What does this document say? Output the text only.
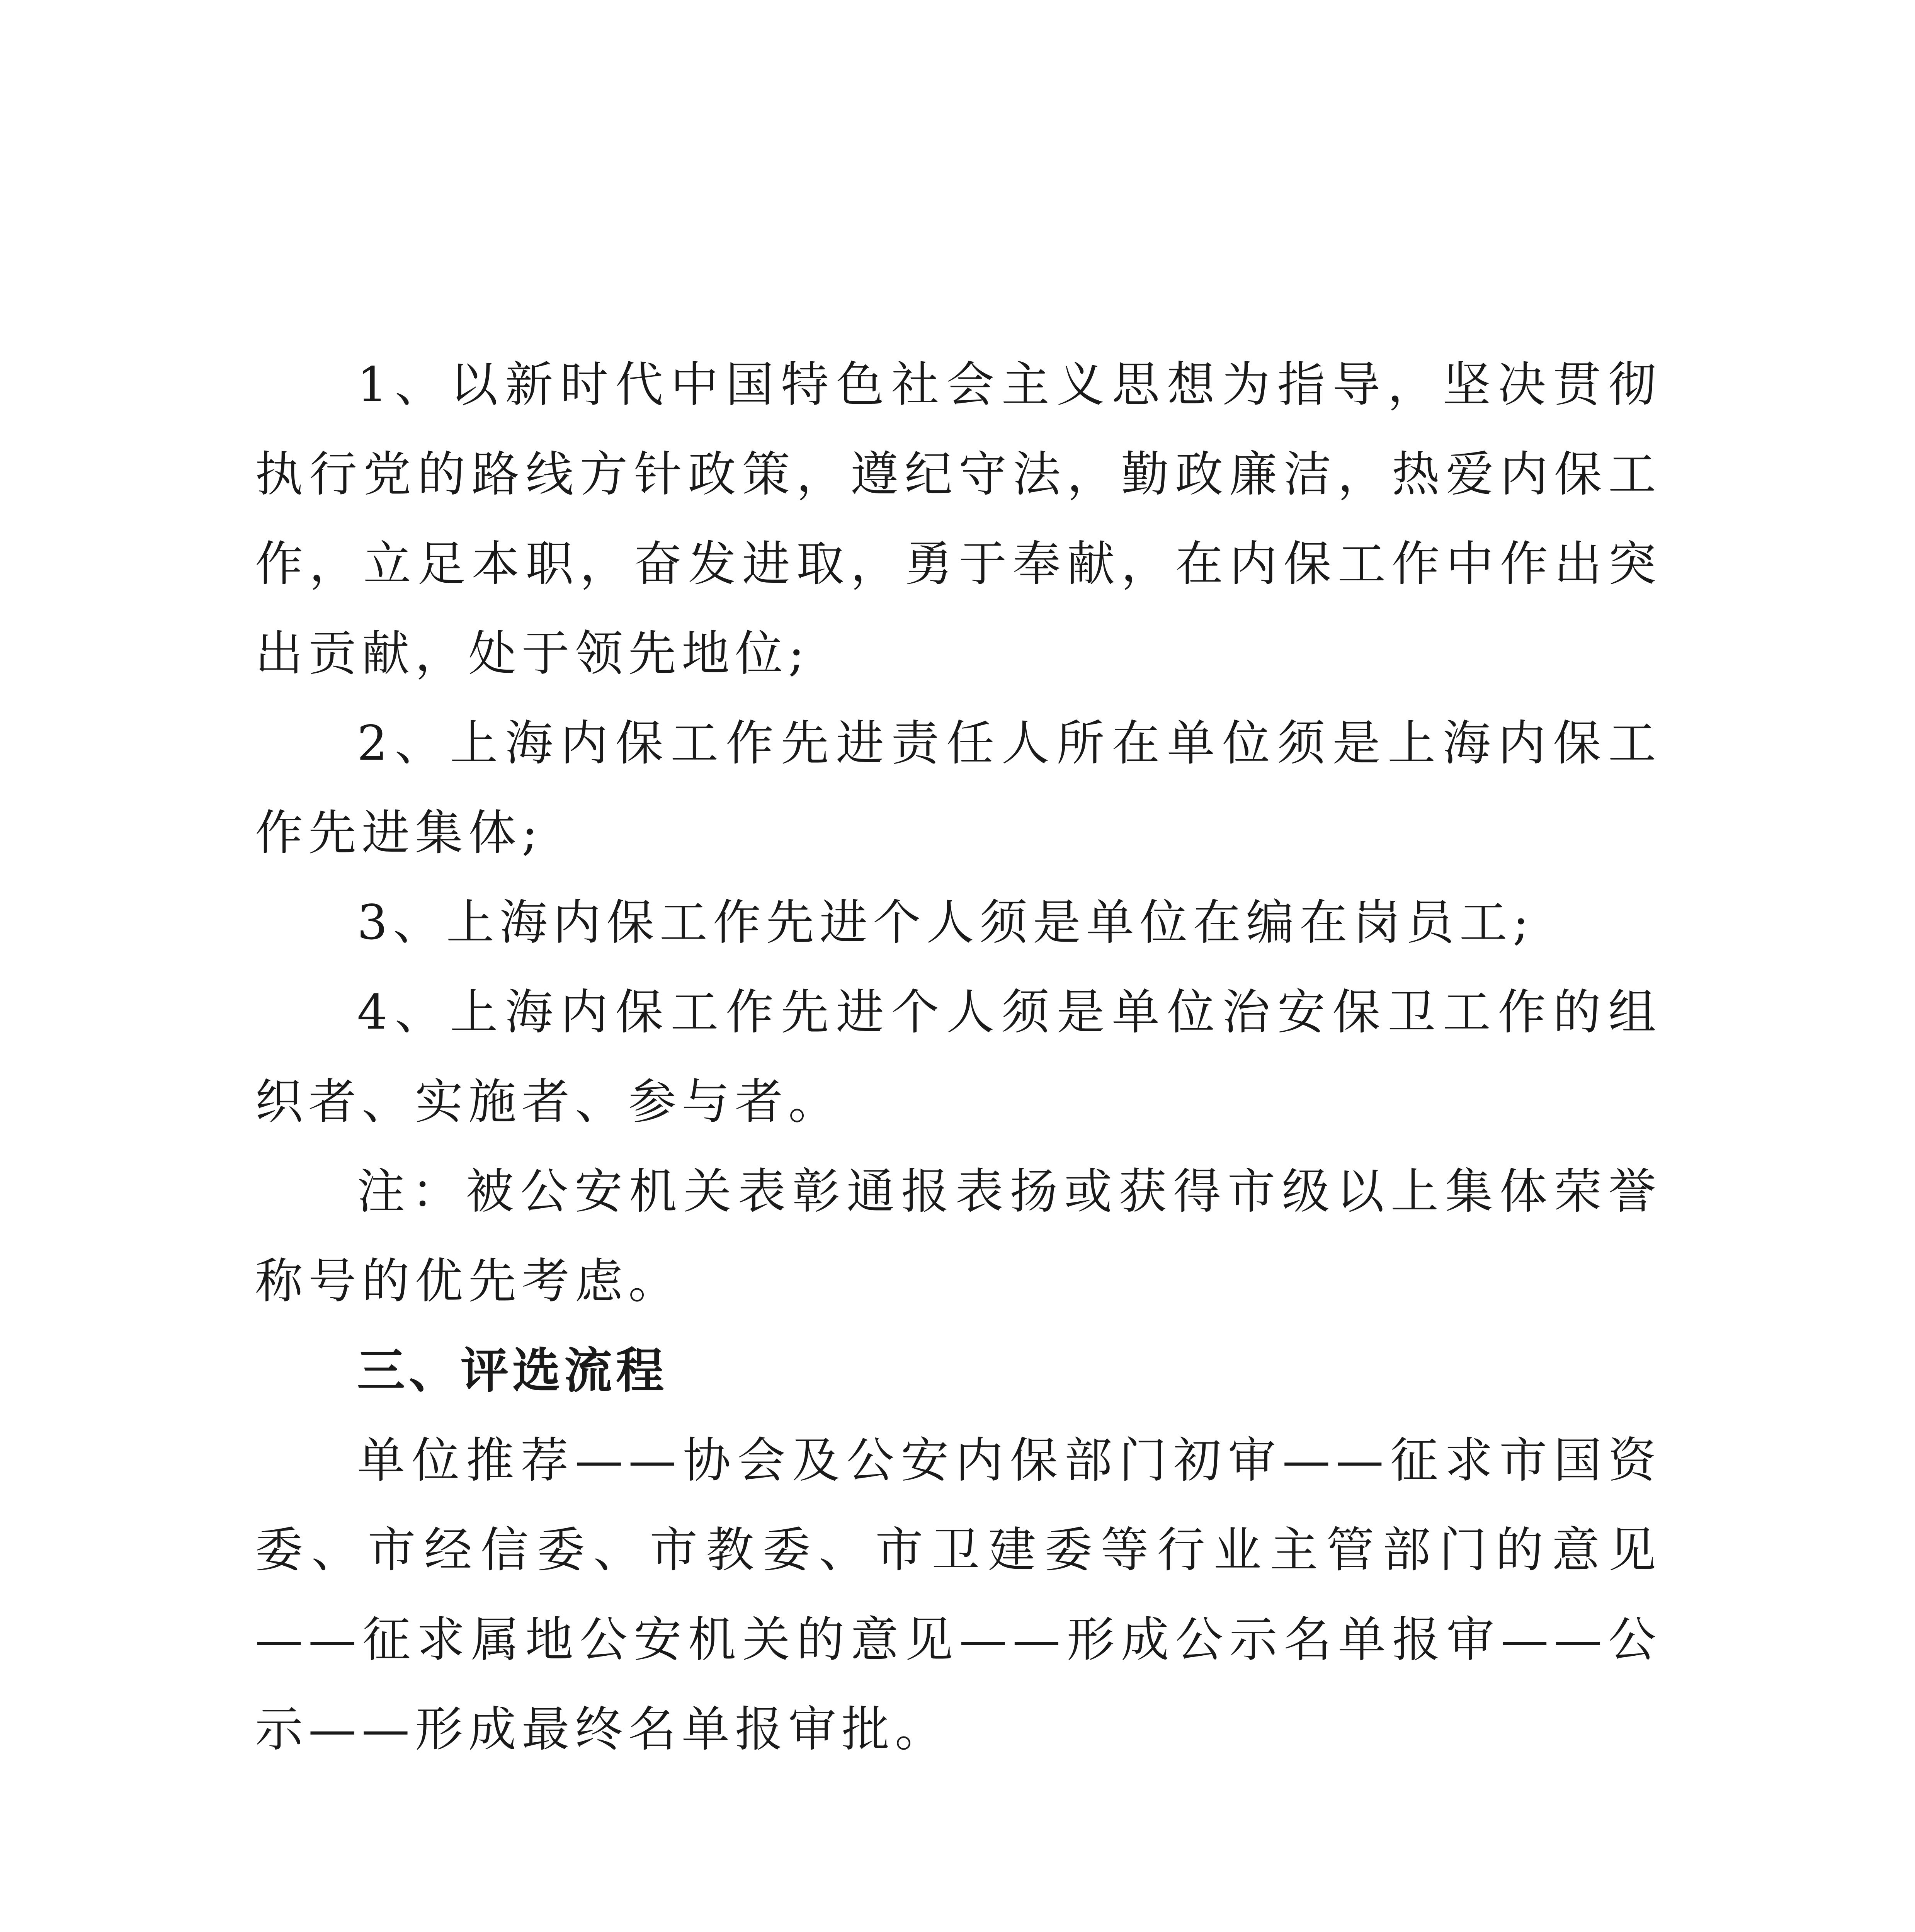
1、以新时代中国特色社会主义思想为指导，坚决贯彻执行党的路线方针政策，遵纪守法，勤政廉洁，热爱内保工作，立足本职，奋发进取，勇于奉献，在内保工作中作出突出贡献，处于领先地位;

2、上海内保工作先进责任人所在单位须是上海内保工作先进集体;

3、上海内保工作先进个人须是单位在编在岗员工;

4、上海内保工作先进个人须是单位治安保卫工作的组织者、实施者、参与者。

注：被公安机关表彰通报表扬或获得市级以上集体荣誉称号的优先考虑。

三、评选流程

单位推荐——协会及公安内保部门初审——征求市国资委、市经信委、市教委、市卫建委等行业主管部门的意见——征求属地公安机关的意见——形成公示名单报审——公示——形成最终名单报审批。
